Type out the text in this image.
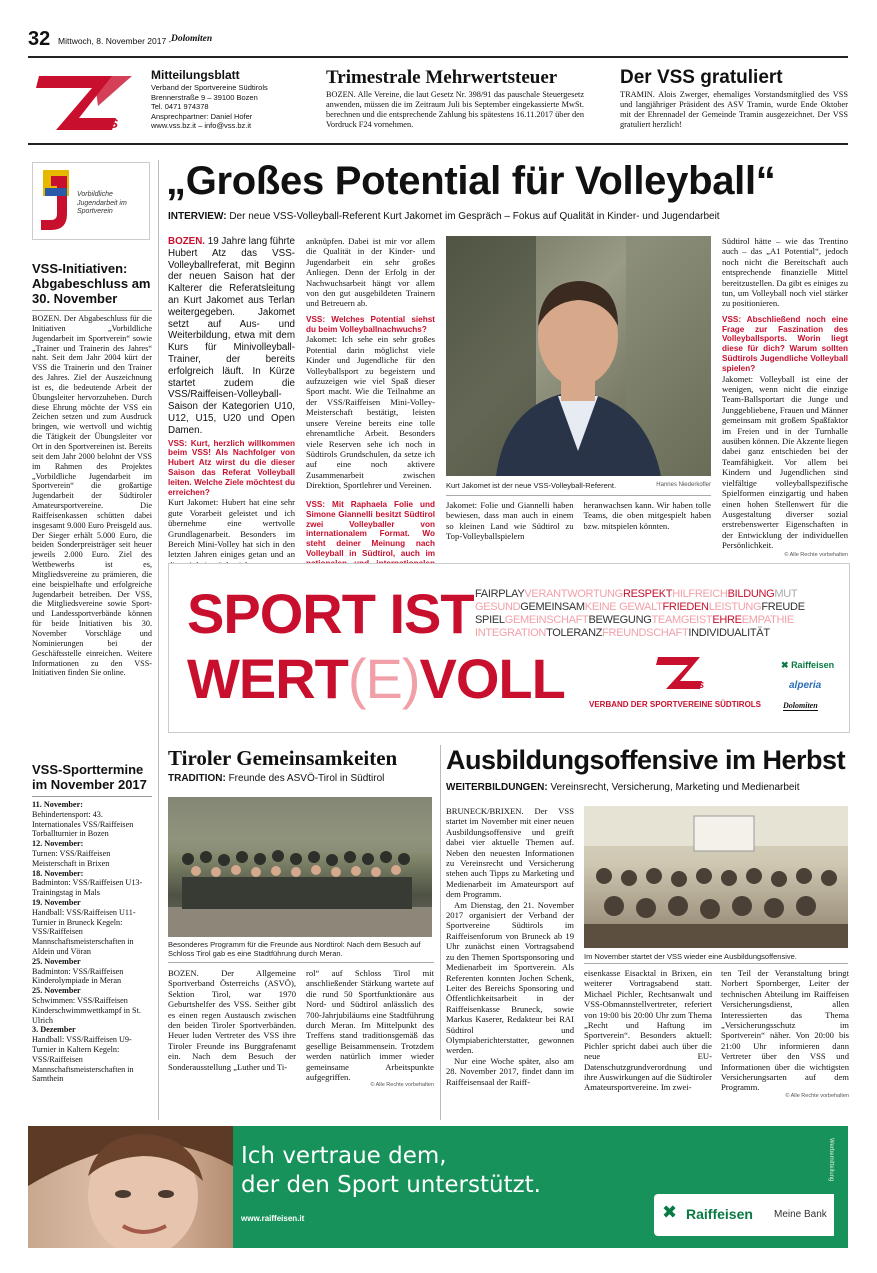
32 Mittwoch, 8. November 2017 - Dolomiten
VSS
Mitteilungsblatt
Verband der Sportvereine Südtirols
Brennerstraße 9 – 39100 Bozen
Tel. 0471 974378
Ansprechpartner: Daniel Hofer
www.vss.bz.it – info@vss.bz.it
Trimestrale Mehrwertsteuer

BOZEN. Alle Vereine, die laut Gesetz Nr. 398/91 das pauschale Steuergesetz anwenden, müssen die im Zeitraum Juli bis September eingekassierte MwSt. berechnen und die entsprechende Zahlung bis spätestens 16.11.2017 über den Vordruck F24 vornehmen.

Der VSS gratuliert

TRAMIN. Alois Zwerger, ehemaliges Vorstandsmitglied des VSS und langjähriger Präsident des ASV Tramin, wurde Ende Oktober mit der Ehrennadel der Gemeinde Tramin ausgezeichnet. Der VSS gratuliert herzlich!

Vorbildliche Jugendarbeit im Sportverein
VSS-Initiativen: Abgabeschluss am 30. November

BOZEN. Der Abgabeschluss für die Initiativen „Vorbildliche Jugendarbeit im Sportverein“ sowie „Trainer und Trainerin des Jahres“ naht. Seit dem Jahr 2004 kürt der VSS die Trainerin und den Trainer des Jahres. Ziel der Auszeichnung ist es, die bedeutende Arbeit der Übungsleiter hervorzuheben. Durch diese Ehrung möchte der VSS ein Zeichen setzen und zum Ausdruck bringen, wie wertvoll und wichtig die Tätigkeit der Übungsleiter vor Ort in den Sportvereinen ist. Bereits seit dem Jahr 2000 belohnt der VSS im Rahmen des Projektes „Vorbildliche Jugendarbeit im Sportverein“ die großartige Jugendarbeit der Südtiroler Amateursportvereine. Die Raiffeisenkassen schütten dabei insgesamt 9.000 Euro Preisgeld aus. Der Sieger erhält 5.000 Euro, die beiden Sonderpreisträger seit heuer jeweils 2.000 Euro. Ziel des Wettbewerbs ist es, Mitgliedsvereine zu prämieren, die eine beispielhafte und erfolgreiche Jugendarbeit betreiben. Der VSS, die Mitgliedsvereine sowie Sport- und Landessportverbände können für beide Initiativen bis 30. November Vorschläge und Nominierungen bei der Geschäftsstelle einreichen. Weitere Informationen zu den VSS-Initiativen finden Sie online.

VSS-Sporttermine im November 2017
11. November:
Behindertensport: 43. Internationales VSS/Raiffeisen Torballturnier in Bozen
12. November:
Turnen: VSS/Raiffeisen Meisterschaft in Brixen
18. November:
Badminton: VSS/Raiffeisen U13-Trainingstag in Mals
19. November
Handball: VSS/Raiffeisen U11-Turnier in Bruneck Kegeln: VSS/Raiffeisen Mannschaftsmeisterschaften in Aldein und Vöran
25. November
Badminton: VSS/Raiffeisen Kinderolympiade in Meran
25. November
Schwimmen: VSS/Raiffeisen Kinderschwimmwettkampf in St. Ulrich
3. Dezember
Handball: VSS/Raiffeisen U9-Turnier in Kaltern Kegeln: VSS/Raiffeisen Mannschaftsmeisterschaften in Sarnthein
„Großes Potential für Volleyball“
INTERVIEW: Der neue VSS-Volleyball-Referent Kurt Jakomet im Gespräch – Fokus auf Qualität in Kinder- und Jugendarbeit

BOZEN. 19 Jahre lang führte Hubert Atz das VSS-Volleyballreferat, mit Beginn der neuen Saison hat der Kalterer die Referatsleitung an Kurt Jakomet aus Terlan weitergegeben. Jakomet setzt auf Aus- und Weiterbildung, etwa mit dem Kurs für Minivolleyball-Trainer, der bereits erfolgreich läuft. In Kürze startet zudem die VSS/Raiffeisen-Volleyball-Saison der Kategorien U10, U12, U15, U20 und Open Damen.

VSS: Kurt, herzlich willkommen beim VSS! Als Nachfolger von Hubert Atz wirst du die dieser Saison das Referat Volleyball leiten. Welche Ziele möchtest du erreichen?

Kurt Jakomet: Hubert hat eine sehr gute Vorarbeit geleistet und ich übernehme eine wertvolle Grundlagenarbeit. Besonders im Bereich Mini-Volley hat sich in den letzten Jahren einiges getan und an

anknüpfen. Dabei ist mir vor allem die Qualität in der Kinder- und Jugendarbeit ein sehr großes Anliegen. Denn der Erfolg in der Nachwuchsarbeit hängt vor allem von den gut ausgebildeten Trainern und Betreuern ab.

VSS: Welches Potential siehst du beim Volleyballnachwuchs?

Jakomet: Ich sehe ein sehr großes Potential darin möglichst viele Kinder und Jugendliche für den Volleyballsport zu begeistern und aufzuzeigen wie viel Spaß dieser Sport macht. Wie die Teilnahme an der VSS/Raiffeisen Mini-Volley-Meisterschaft bestätigt, leisten unsere Vereine bereits eine tolle ehrenamtliche Arbeit. Besonders viele Reserven sehe ich noch in Südtirols Grundschulen, da setze ich auf eine noch aktivere Zusammenarbeit zwischen Direktion, Sportlehrer und Vereinen.	Kurt Jakomet ist der neue VSS-Volleyball-Referent.	Hannes Niederkofler

VSS: Mit Raphaela Folie und Simone Giannelli besitzt Südtirol zwei Volleyballer von internationalem Format. Wo steht deiner Meinung nach Volleyball in Südtirol, auch im

Jakomet: Folie und Giannelli haben bewiesen, dass man auch in einem so kleinen Land wie Südtirol zu Top-Volleyballspielern heranwachsen kann. Wir haben tolle Teams, die oben mitgespielt haben bzw. mitspielen könnten.

Südtirol hätte – wie das Trentino auch – das „A1 Potential“, jedoch noch nicht die Bereitschaft auch entsprechende finanzielle Mittel bereitzustellen. Da gibt es einiges zu tun, um Volleyball noch viel stärker zu positionieren.

VSS: Abschließend noch eine Frage zur Faszination des Volleyballsports. Worin liegt diese für dich? Warum sollten Südtirols Jugendliche Volleyball spielen?

Jakomet: Volleyball ist eine der wenigen, wenn nicht die einzige Team-Ballsportart die Junge und Junggebliebene, Frauen und Männer gemeinsam mit großem Spaßfaktor im Freien und in der Turnhalle ausüben können. Die Akzente liegen dabei ganz entschieden bei der Teamfähigkeit. Vor allem bei Kindern und Jugendlichen sind vielfältige volleyballspezifische Spielformen einzigartig und haben einen hohen Stellenwert für die Ausgestaltung diverser sozial erstrebenswerter Eigenschaften in der Entwicklung der individuellen Persönlichkeit.

© Alle Rechte vorbehalten
SPORT IST
WERT(E)VOLL
FAIRPLAYVERANTWORTUNGRESPEKTHILFREICHBILDUNGMUT
GESUNDGEMEINSAMKEINE GEWALTFRIEDENLEISTUNGFREUDE
SPIELGEMEINSCHAFTBEWEGUNGTEAMGEISTEHREEMPATHIE
INTEGRATIONTOLERANZFREUNDSCHAFTINDIVIDUALITÄT
VSS
VERBAND DER SPORTVEREINE SÜDTIROLS
✖ Raiffeisen
alperia
Dolomiten
Tiroler Gemeinsamkeiten
TRADITION: Freunde des ASVÖ-Tirol in Südtirol
Besonderes Programm für die Freunde aus Nordtirol: Nach dem Besuch auf Schloss Tirol gab es eine Stadtführung durch Meran.

BOZEN. Der Allgemeine Sportverband Österreichs (ASVÖ), Sektion Tirol, war 1970 Geburtshelfer des VSS. Seither gibt es einen regen Austausch zwischen den beiden Tiroler Sportverbänden. Heuer luden Vertreter des VSS ihre Tiroler Freunde ins Burggrafenamt ein. Nach dem Besuch der Sonderausstellung „Luther und Ti-

rol“ auf Schloss Tirol mit anschließender Stärkung wartete auf die rund 50 Sportfunktionäre aus Nord- und Südtirol anlässlich des 700-Jahrjubiläums eine Stadtführung durch Meran. Im Mittelpunkt des Treffens stand traditionsgemäß das gesellige Beisammensein. Trotzdem werden natürlich immer wieder gemeinsame Arbeitspunkte aufgegriffen.

© Alle Rechte vorbehalten
Ausbildungsoffensive im Herbst
WEITERBILDUNGEN: Vereinsrecht, Versicherung, Marketing und Medienarbeit

BRUNECK/BRIXEN. Der VSS startet im November mit einer neuen Ausbildungsoffensive und greift dabei vier aktuelle Themen auf. Neben den neuesten Informationen zu Vereinsrecht und Versicherung stehen auch Tipps zu Marketing und Medienarbeit im Amateursport auf dem Programm.

Am Dienstag, den 21. November 2017 organisiert der Verband der Sportvereine Südtirols im Raiffeisenforum von Bruneck ab 19 Uhr zunächst einen Vortragsabend zu den Themen Sportsponsoring und Medienarbeit im Sportverein. Als Referenten konnten Jochen Schenk, Leiter des Bereichs Sponsoring und Öffentlichkeitsarbeit in der Raiffeisenkasse Bruneck, sowie Markus Kaserer, Redakteur bei RAI Südtirol und Olympiaberichterstatter, gewonnen werden.

Nur eine Woche später, also am 28. November 2017, findet dann im Raiffeisensaal der Raiff-

Im November startet der VSS wieder eine Ausbildungsoffensive.

eisenkasse Eisacktal in Brixen, ein weiterer Vortragsabend statt. Michael Pichler, Rechtsanwalt und VSS-Obmannstellvertreter, referiert von 19:00 bis 20:00 Uhr zum Thema „Recht und Haftung im Sportverein“. Besonders aktuell: Pichler spricht dabei auch über die neue EU-Datenschutzgrundverordnung und ihre Auswirkungen auf die Südtiroler Amateursportvereine. Im zwei-

ten Teil der Veranstaltung bringt Norbert Spornberger, Leiter der technischen Abteilung im Raiffeisen Versicherungsdienst, allen Interessierten das Thema „Versicherungsschutz im Sportverein“ näher. Von 20:00 bis 21:00 Uhr informieren dann Vertreter über den VSS und Informationen über die wichtigsten Versicherungsarten auf dem Programm.

© Alle Rechte vorbehalten
Ich vertraue dem,
der den Sport unterstützt.
www.raiffeisen.it	✖ Raiffeisen Meine Bank
Werbemitteilung
